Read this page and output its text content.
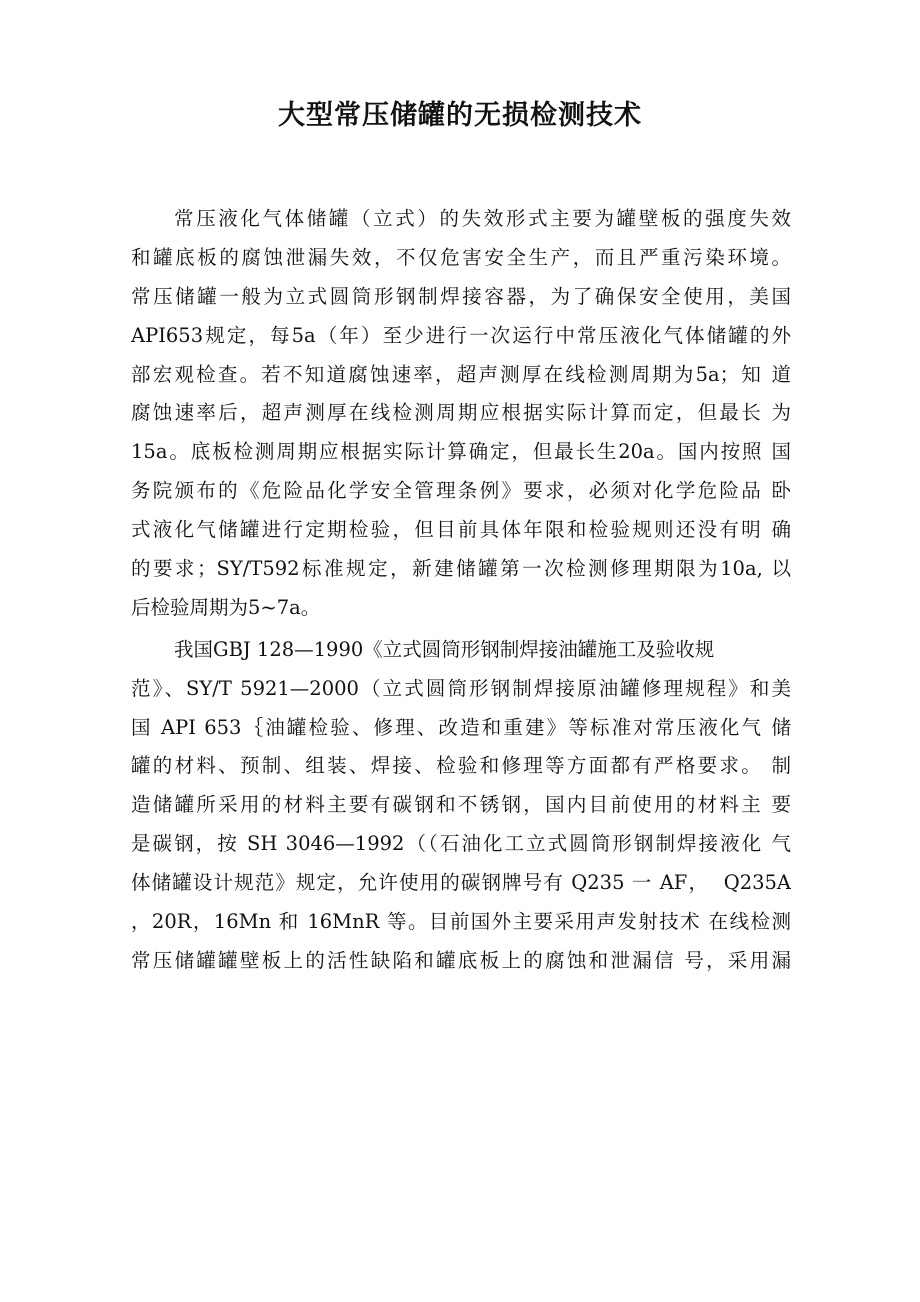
大型常压储罐的无损检测技术

常压液化气体储罐（立式）的失效形式主要为罐壁板的强度失效
和罐底板的腐蚀泄漏失效，不仅危害安全生产，而且严重污染环境。
常压储罐一般为立式圆筒形钢制焊接容器，为了确保安全使用，美国
API653规定，每5a（年）至少进行一次运行中常压液化气体储罐的外
部宏观检查。若不知道腐蚀速率，超声测厚在线检测周期为5a；知 道
腐蚀速率后，超声测厚在线检测周期应根据实际计算而定，但最长 为
15a。底板检测周期应根据实际计算确定，但最长生20a。国内按照 国
务院颁布的《危险品化学安全管理条例》要求，必须对化学危险品 卧
式液化气储罐进行定期检验，但目前具体年限和检验规则还没有明 确
的要求；SY/T592标准规定，新建储罐第一次检测修理期限为10a, 以
后检验周期为5~7a。

我国GBJ 128—1990《立式圆筒形钢制焊接油罐施工及验收规
范》、SY/T 5921—2000（立式圆筒形钢制焊接原油罐修理规程》和美
国 API 653｛油罐检验、修理、改造和重建》等标准对常压液化气 储
罐的材料、预制、组装、焊接、检验和修理等方面都有严格要求。 制
造储罐所采用的材料主要有碳钢和不锈钢，国内目前使用的材料主 要
是碳钢，按 SH 3046—1992（（石油化工立式圆筒形钢制焊接液化 气
体储罐设计规范》规定，允许使用的碳钢牌号有 Q235 一 AF，  Q235A
，20R，16Mn 和 16MnR 等。目前国外主要采用声发射技术 在线检测
常压储罐罐壁板上的活性缺陷和罐底板上的腐蚀和泄漏信 号，采用漏
